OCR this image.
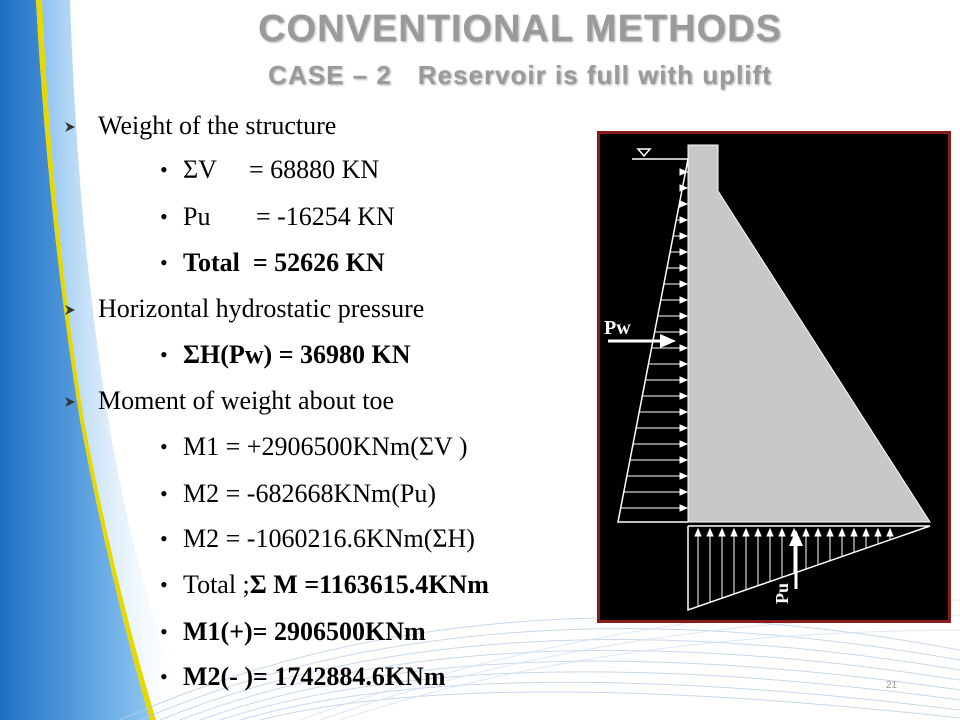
CONVENTIONAL METHODS
CASE – 2 Reservoir is full with uplift
Weight of the structure
• ΣV     = 68880 KN
• Pu       = -16254 KN
• Total  = 52626 KN
Horizontal hydrostatic pressure
• ΣH(Pw) = 36980 KN
Moment of weight about toe
• M1 = +2906500KNm(ΣV )
• M2 = -682668KNm(Pu)
• M2 = -1060216.6KNm(ΣH)
• Total ;Σ M =1163615.4KNm
• M1(+)= 2906500KNm
• M2(- )= 1742884.6KNm
Pw
Pu
21
